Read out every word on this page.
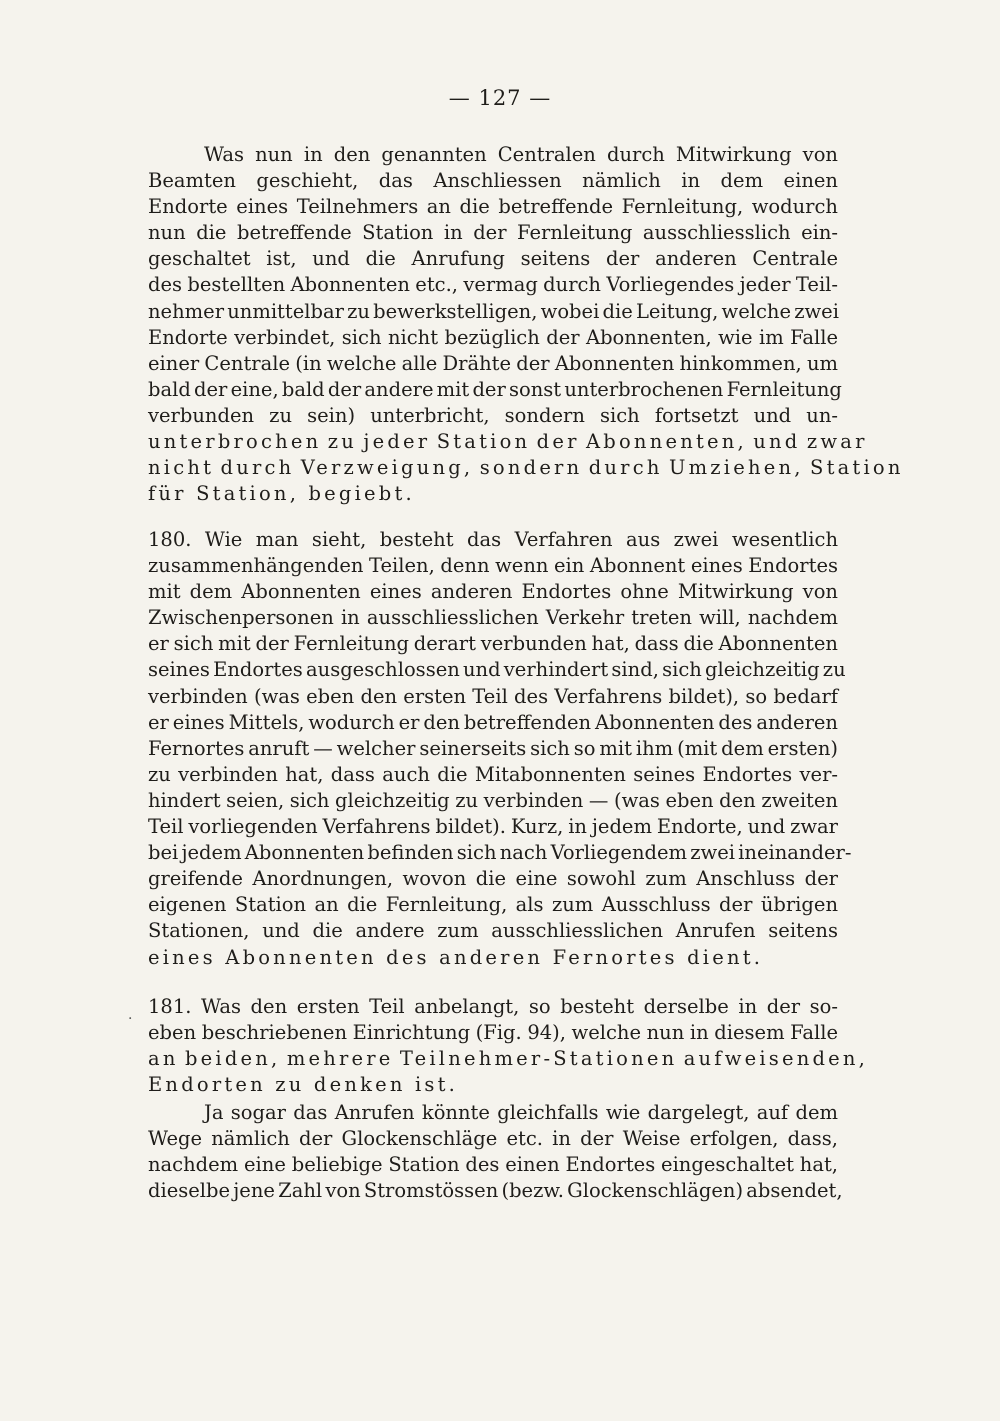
— 127 —
Was nun in den genannten Centralen durch Mitwirkung von
Beamten geschieht, das Anschliessen nämlich in dem einen
Endorte eines Teilnehmers an die betreffende Fernleitung, wodurch
nun die betreffende Station in der Fernleitung ausschliesslich ein-
geschaltet ist, und die Anrufung seitens der anderen Centrale
des bestellten Abonnenten etc., vermag durch Vorliegendes jeder Teil-
nehmer unmittelbar zu bewerkstelligen, wobei die Leitung, welche zwei
Endorte verbindet, sich nicht bezüglich der Abonnenten, wie im Falle
einer Centrale (in welche alle Drähte der Abonnenten hinkommen, um
bald der eine, bald der andere mit der sonst unterbrochenen Fernleitung
verbunden zu sein) unterbricht, sondern sich fortsetzt und un-
unterbrochen zu jeder Station der Abonnenten, und zwar
nicht durch Verzweigung, sondern durch Umziehen, Station
für Station, begiebt.
180. Wie man sieht, besteht das Verfahren aus zwei wesentlich
zusammenhängenden Teilen, denn wenn ein Abonnent eines Endortes
mit dem Abonnenten eines anderen Endortes ohne Mitwirkung von
Zwischenpersonen in ausschliesslichen Verkehr treten will, nachdem
er sich mit der Fernleitung derart verbunden hat, dass die Abonnenten
seines Endortes ausgeschlossen und verhindert sind, sich gleichzeitig zu
verbinden (was eben den ersten Teil des Verfahrens bildet), so bedarf
er eines Mittels, wodurch er den betreffenden Abonnenten des anderen
Fernortes anruft — welcher seinerseits sich so mit ihm (mit dem ersten)
zu verbinden hat, dass auch die Mitabonnenten seines Endortes ver-
hindert seien, sich gleichzeitig zu verbinden — (was eben den zweiten
Teil vorliegenden Verfahrens bildet). Kurz, in jedem Endorte, und zwar
bei jedem Abonnenten befinden sich nach Vorliegendem zwei ineinander-
greifende Anordnungen, wovon die eine sowohl zum Anschluss der
eigenen Station an die Fernleitung, als zum Ausschluss der übrigen
Stationen, und die andere zum ausschliesslichen Anrufen seitens
eines Abonnenten des anderen Fernortes dient.
·
181. Was den ersten Teil anbelangt, so besteht derselbe in der so-
eben beschriebenen Einrichtung (Fig. 94), welche nun in diesem Falle
an beiden, mehrere Teilnehmer-Stationen aufweisenden,
Endorten zu denken ist.
Ja sogar das Anrufen könnte gleichfalls wie dargelegt, auf dem
Wege nämlich der Glockenschläge etc. in der Weise erfolgen, dass,
nachdem eine beliebige Station des einen Endortes eingeschaltet hat,
dieselbe jene Zahl von Stromstössen (bezw. Glockenschlägen) absendet,
